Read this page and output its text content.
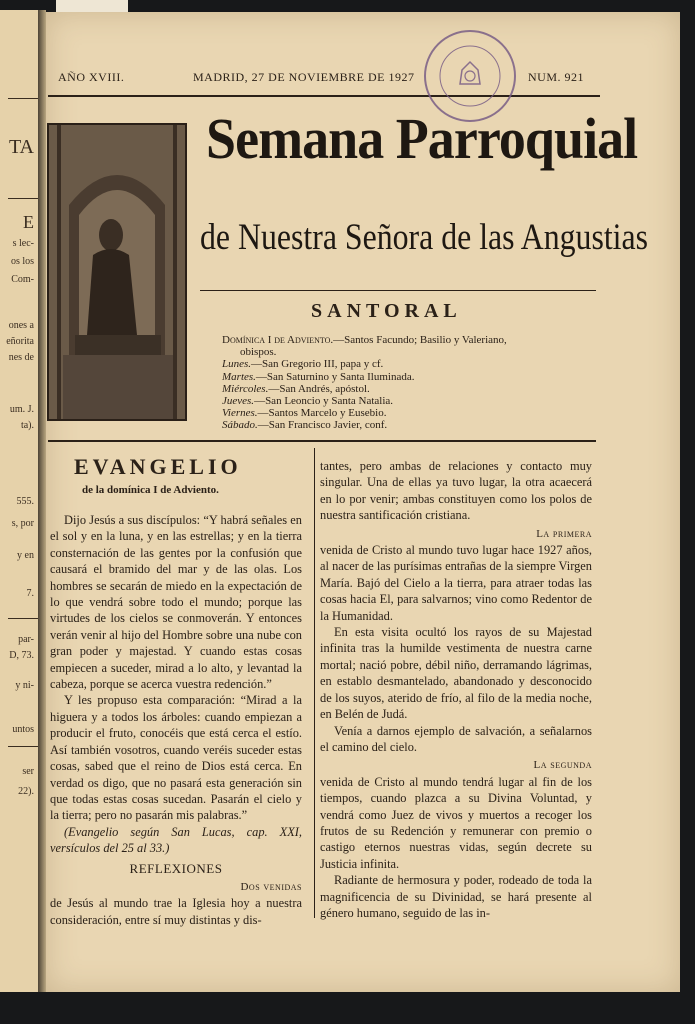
TA
E
s lec-
os los
Com-
ones a
eñorita
nes de
um. J.
ta).
555.
s, por
y en
7.
par-
D, 73.
y ni-
untos
ser
22).
AÑO XVIII.	MADRID, 27 DE NOVIEMBRE DE 1927	NUM. 921
Semana Parroquial
de Nuestra Señora de las Angustias
SANTORAL
Domínica I de Adviento.—Santos Facundo; Basilio y Valeriano,
obispos.
Lunes.—San Gregorio III, papa y cf.
Martes.—San Saturnino y Santa Iluminada.
Miércoles.—San Andrés, apóstol.
Jueves.—San Leoncio y Santa Natalia.
Viernes.—Santos Marcelo y Eusebio.
Sábado.—San Francisco Javier, conf.
EVANGELIO
de la domínica I de Adviento.

Dijo Jesús a sus discípulos: “Y habrá señales en el sol y en la luna, y en las estrellas; y en la tierra consternación de las gentes por la confusión que causará el bramido del mar y de las olas. Los hombres se secarán de miedo en la expectación de lo que vendrá sobre todo el mundo; porque las virtudes de los cielos se conmoverán. Y entonces verán venir al hijo del Hombre sobre una nube con gran poder y majestad. Y cuando estas cosas empiecen a suceder, mirad a lo alto, y levantad la cabeza, porque se acerca vuestra redención.”

Y les propuso esta comparación: “Mirad a la higuera y a todos los árboles: cuando empiezan a producir el fruto, conocéis que está cerca el estío. Así también vosotros, cuando veréis suceder estas cosas, sabed que el reino de Dios está cerca. En verdad os digo, que no pasará esta generación sin que todas estas cosas sucedan. Pasarán el cielo y la tierra; pero no pasarán mis palabras.”

(Evangelio según San Lucas, cap. XXI, versículos del 25 al 33.)

REFLEXIONES

Dos venidas

de Jesús al mundo trae la Iglesia hoy a nuestra consideración, entre sí muy distintas y dis-

tantes, pero ambas de relaciones y contacto muy singular. Una de ellas ya tuvo lugar, la otra acaecerá en lo por venir; ambas constituyen como los polos de nuestra santificación cristiana.

La primera

venida de Cristo al mundo tuvo lugar hace 1927 años, al nacer de las purísimas entrañas de la siempre Virgen María. Bajó del Cielo a la tierra, para atraer todas las cosas hacia El, para salvarnos; vino como Redentor de la Humanidad.

En esta visita ocultó los rayos de su Majestad infinita tras la humilde vestimenta de nuestra carne mortal; nació pobre, débil niño, derramando lágrimas, en establo desmantelado, abandonado y desconocido de los suyos, aterido de frío, al filo de la media noche, en Belén de Judá.

Venía a darnos ejemplo de salvación, a señalarnos el camino del cielo.

La segunda

venida de Cristo al mundo tendrá lugar al fin de los tiempos, cuando plazca a su Divina Voluntad, y vendrá como Juez de vivos y muertos a recoger los frutos de su Redención y remunerar con premio o castigo eternos nuestras vidas, según decrete su Justicia infinita.

Radiante de hermosura y poder, rodeado de toda la magnificencia de su Divinidad, se hará presente al género humano, seguido de las in-
